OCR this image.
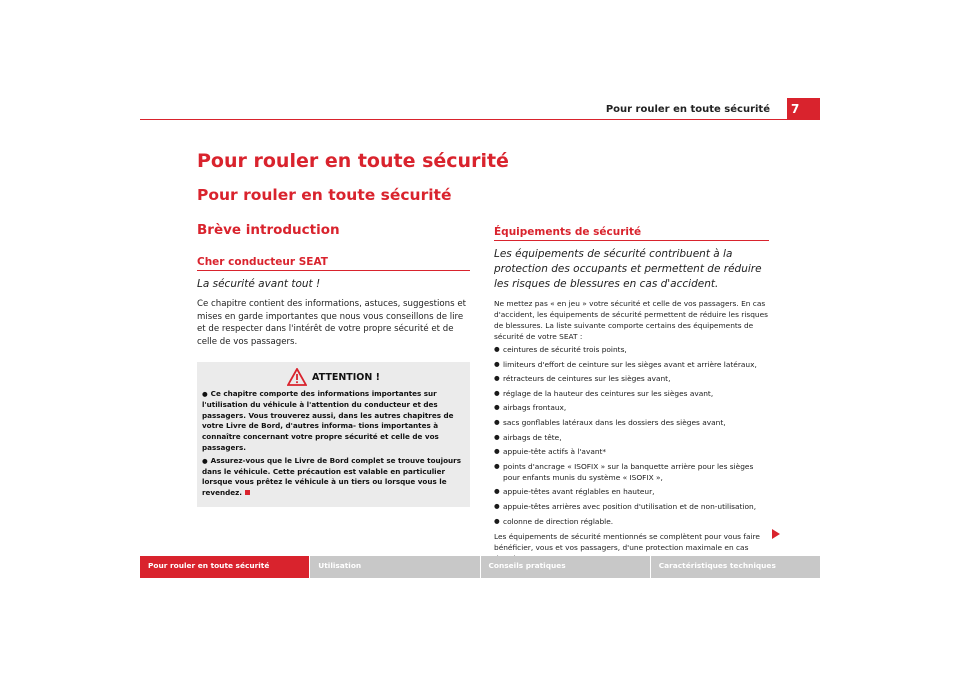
Pour rouler en toute sécurité	7
Pour rouler en toute sécurité
Pour rouler en toute sécurité
Brève introduction

Cher conducteur SEAT

La sécurité avant tout !

Ce chapitre contient des informations, astuces, suggestions et mises en garde importantes que nous vous conseillons de lire et de respecter dans l'intérêt de votre propre sécurité et de celle de vos passagers.

ATTENTION !

● Ce chapitre comporte des informations importantes sur l'utilisation du véhicule à l'attention du conducteur et des passagers. Vous trouverez aussi, dans les autres chapitres de votre Livre de Bord, d'autres informa- tions importantes à connaître concernant votre propre sécurité et celle de vos passagers.

● Assurez-vous que le Livre de Bord complet se trouve toujours dans le véhicule. Cette précaution est valable en particulier lorsque vous prêtez le véhicule à un tiers ou lorsque vous le revendez.

Équipements de sécurité

Les équipements de sécurité contribuent à la protection des occupants et permettent de réduire les risques de blessures en cas d'accident.

Ne mettez pas « en jeu » votre sécurité et celle de vos passagers. En cas d'accident, les équipements de sécurité permettent de réduire les risques de blessures. La liste suivante comporte certains des équipements de sécurité de votre SEAT :

● ceintures de sécurité trois points,
● limiteurs d'effort de ceinture sur les sièges avant et arrière latéraux,
● rétracteurs de ceintures sur les sièges avant,
● réglage de la hauteur des ceintures sur les sièges avant,
● airbags frontaux,
● sacs gonflables latéraux dans les dossiers des sièges avant,
● airbags de tête,
● appuie-tête actifs à l'avant*
● points d'ancrage « ISOFIX » sur la banquette arrière pour les sièges pour enfants munis du système « ISOFIX »,
● appuie-têtes avant réglables en hauteur,
● appuie-têtes arrières avec position d'utilisation et de non-utilisation,
● colonne de direction réglable.

Les équipements de sécurité mentionnés se complètent pour vous faire bénéficier, vous et vos passagers, d'une protection maximale en cas

Pour rouler en toute sécurité	Utilisation	Conseils pratiques	Caractéristiques techniques
